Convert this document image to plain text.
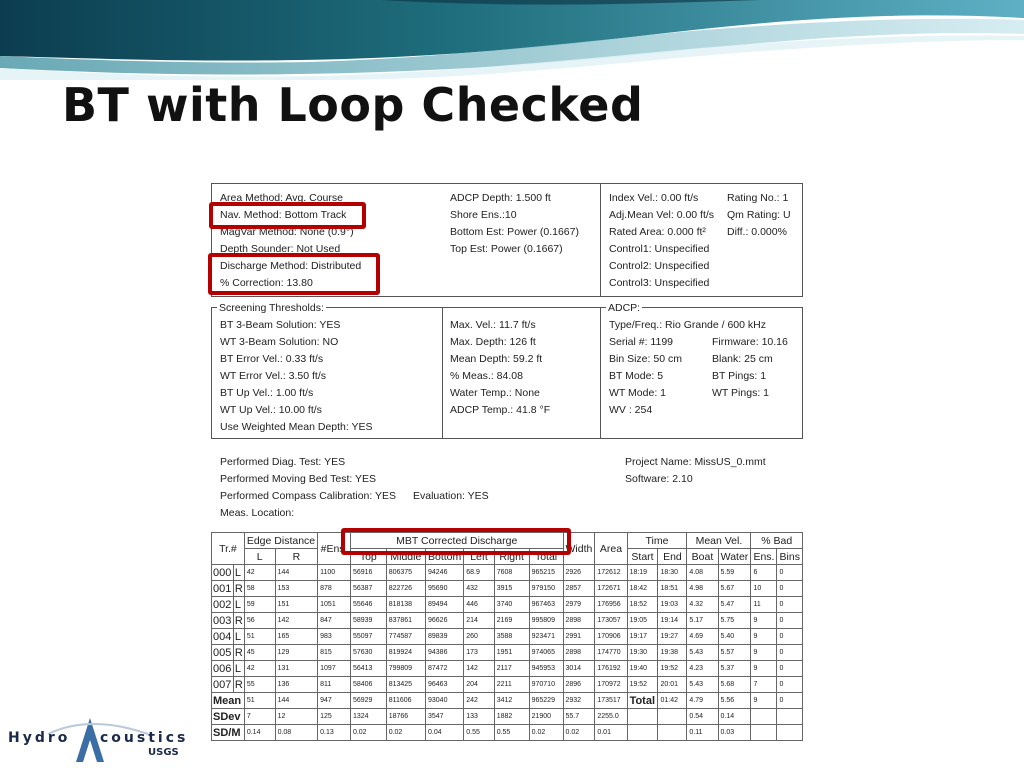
BT with Loop Checked
Area Method: Avg. Course
Nav. Method: Bottom Track
MagVar Method: None (0.9°)
Depth Sounder: Not Used
Discharge Method: Distributed
% Correction: 13.80
ADCP Depth: 1.500 ft
Shore Ens.:10
Bottom Est: Power (0.1667)
Top Est: Power (0.1667)
Index Vel.: 0.00 ft/s
Adj.Mean Vel: 0.00 ft/s
Rated Area: 0.000 ft²
Control1: Unspecified
Control2: Unspecified
Control3: Unspecified
Rating No.: 1
Qm Rating: U
Diff.: 0.000%
Screening Thresholds:	ADCP:
BT 3-Beam Solution: YES
WT 3-Beam Solution: NO
BT Error Vel.: 0.33 ft/s
WT Error Vel.: 3.50 ft/s
BT Up Vel.: 1.00 ft/s
WT Up Vel.: 10.00 ft/s
Use Weighted Mean Depth: YES
Max. Vel.: 11.7 ft/s
Max. Depth: 126 ft
Mean Depth: 59.2 ft
% Meas.: 84.08
Water Temp.: None
ADCP Temp.: 41.8 °F
Type/Freq.: Rio Grande / 600 kHz
Serial #: 1199
Bin Size: 50 cm
BT Mode: 5
WT Mode: 1
WV : 254
Firmware: 10.16
Blank: 25 cm
BT Pings: 1
WT Pings: 1
Performed Diag. Test: YES
Performed Moving Bed Test: YES
Performed Compass Calibration: YES Evaluation: YES
Meas. Location:
Project Name: MissUS_0.mmt
Software: 2.10
Tr.#		Edge Distance		#Ens.	MBT Corrected Discharge						Width	Area	Time		Mean Vel.		% Bad	
		L	R		Top	Middle	Bottom	Left	Right	Total			Start	End	Boat	Water	Ens.	Bins
000	L	42	144	1100	56916	806375	94246	68.9	7608	965215	2926	172612	18:19	18:30	4.08	5.59	6	0
001	R	58	153	878	56387	822726	95690	432	3915	979150	2857	172671	18:42	18:51	4.98	5.67	10	0
002	L	59	151	1051	55646	818138	89494	446	3740	967463	2979	176956	18:52	19:03	4.32	5.47	11	0
003	R	56	142	847	58939	837861	96626	214	2169	995809	2898	173057	19:05	19:14	5.17	5.75	9	0
004	L	51	165	983	55097	774587	89839	260	3588	923471	2991	170906	19:17	19:27	4.69	5.40	9	0
005	R	45	129	815	57630	819924	94386	173	1951	974065	2898	174770	19:30	19:38	5.43	5.57	9	0
006	L	42	131	1097	56413	799809	87472	142	2117	945953	3014	176192	19:40	19:52	4.23	5.37	9	0
007	R	55	136	811	58406	813425	96463	204	2211	970710	2896	170972	19:52	20:01	5.43	5.68	7	0
Mean		51	144	947	56929	811606	93040	242	3412	965229	2932	173517	Total	01:42	4.79	5.56	9	0
SDev		7	12	125	1324	18766	3547	133	1882	21900	55.7	2255.0			0.54	0.14		
SD/M		0.14	0.08	0.13	0.02	0.02	0.04	0.55	0.55	0.02	0.02	0.01			0.11	0.03		
Hydro coustics
USGS
